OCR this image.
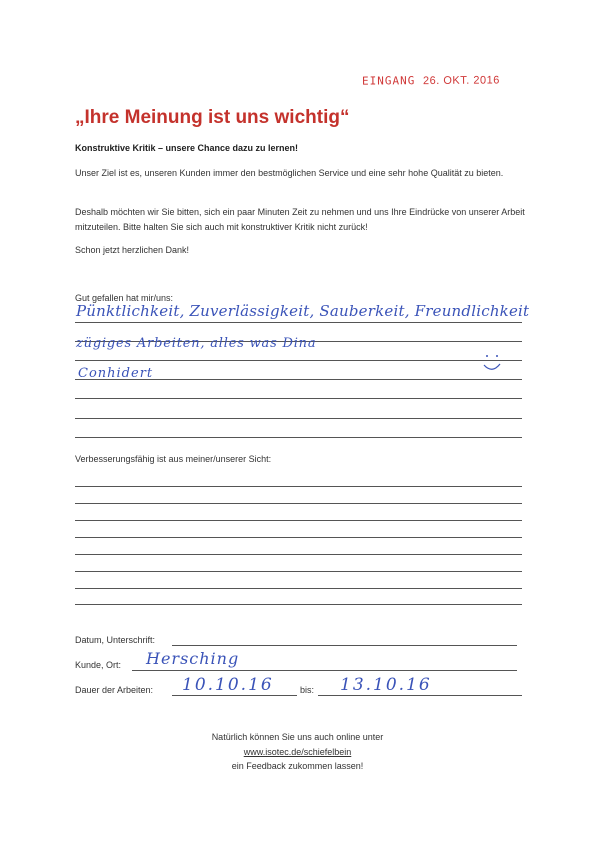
EINGANG 26. OKT. 2016
„Ihre Meinung ist uns wichtig“
Konstruktive Kritik – unsere Chance dazu zu lernen!
Unser Ziel ist es, unseren Kunden immer den bestmöglichen Service und eine sehr hohe Qualität zu bieten.
Deshalb möchten wir Sie bitten, sich ein paar Minuten Zeit zu nehmen und uns Ihre Eindrücke von unserer Arbeit mitzuteilen. Bitte halten Sie sich auch mit konstruktiver Kritik nicht zurück!
Schon jetzt herzlichen Dank!
Gut gefallen hat mir/uns:
Pünktlichkeit, Zuverlässigkeit, Sauberkeit, Freundlichkeit
zügiges Arbeiten, alles was Dina
Conhidert
Verbesserungsfähig ist aus meiner/unserer Sicht:
Datum, Unterschrift:
Kunde, Ort: Hersching
Dauer der Arbeiten: 10.10.16	bis: 13.10.16
Natürlich können Sie uns auch online unter
www.isotec.de/schiefelbein
ein Feedback zukommen lassen!
